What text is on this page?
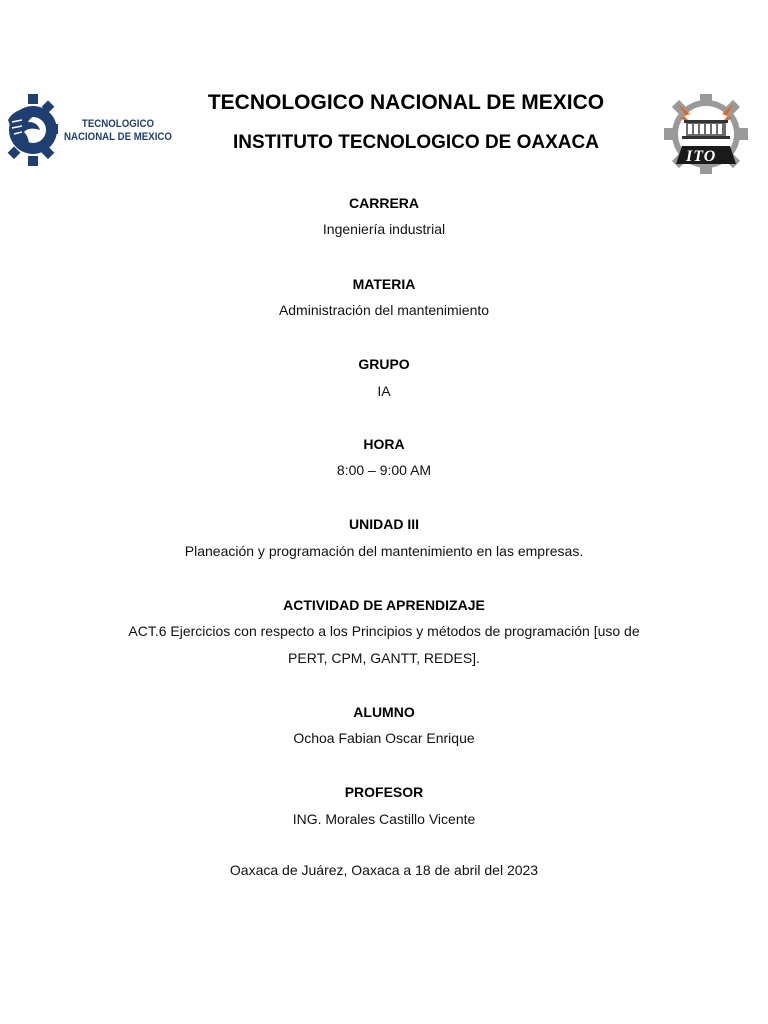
TECNOLOGICO
NACIONAL DE MEXICO
TECNOLOGICO NACIONAL DE MEXICO
INSTITUTO TECNOLOGICO DE OAXACA
ITO
CARRERA
Ingeniería industrial
MATERIA
Administración del mantenimiento
GRUPO
IA
HORA
8:00 – 9:00 AM
UNIDAD III
Planeación y programación del mantenimiento en las empresas.
ACTIVIDAD DE APRENDIZAJE
ACT.6 Ejercicios con respecto a los Principios y métodos de programación [uso de
PERT, CPM, GANTT, REDES].
ALUMNO
Ochoa Fabian Oscar Enrique
PROFESOR
ING. Morales Castillo Vicente
Oaxaca de Juárez, Oaxaca a 18 de abril del 2023
